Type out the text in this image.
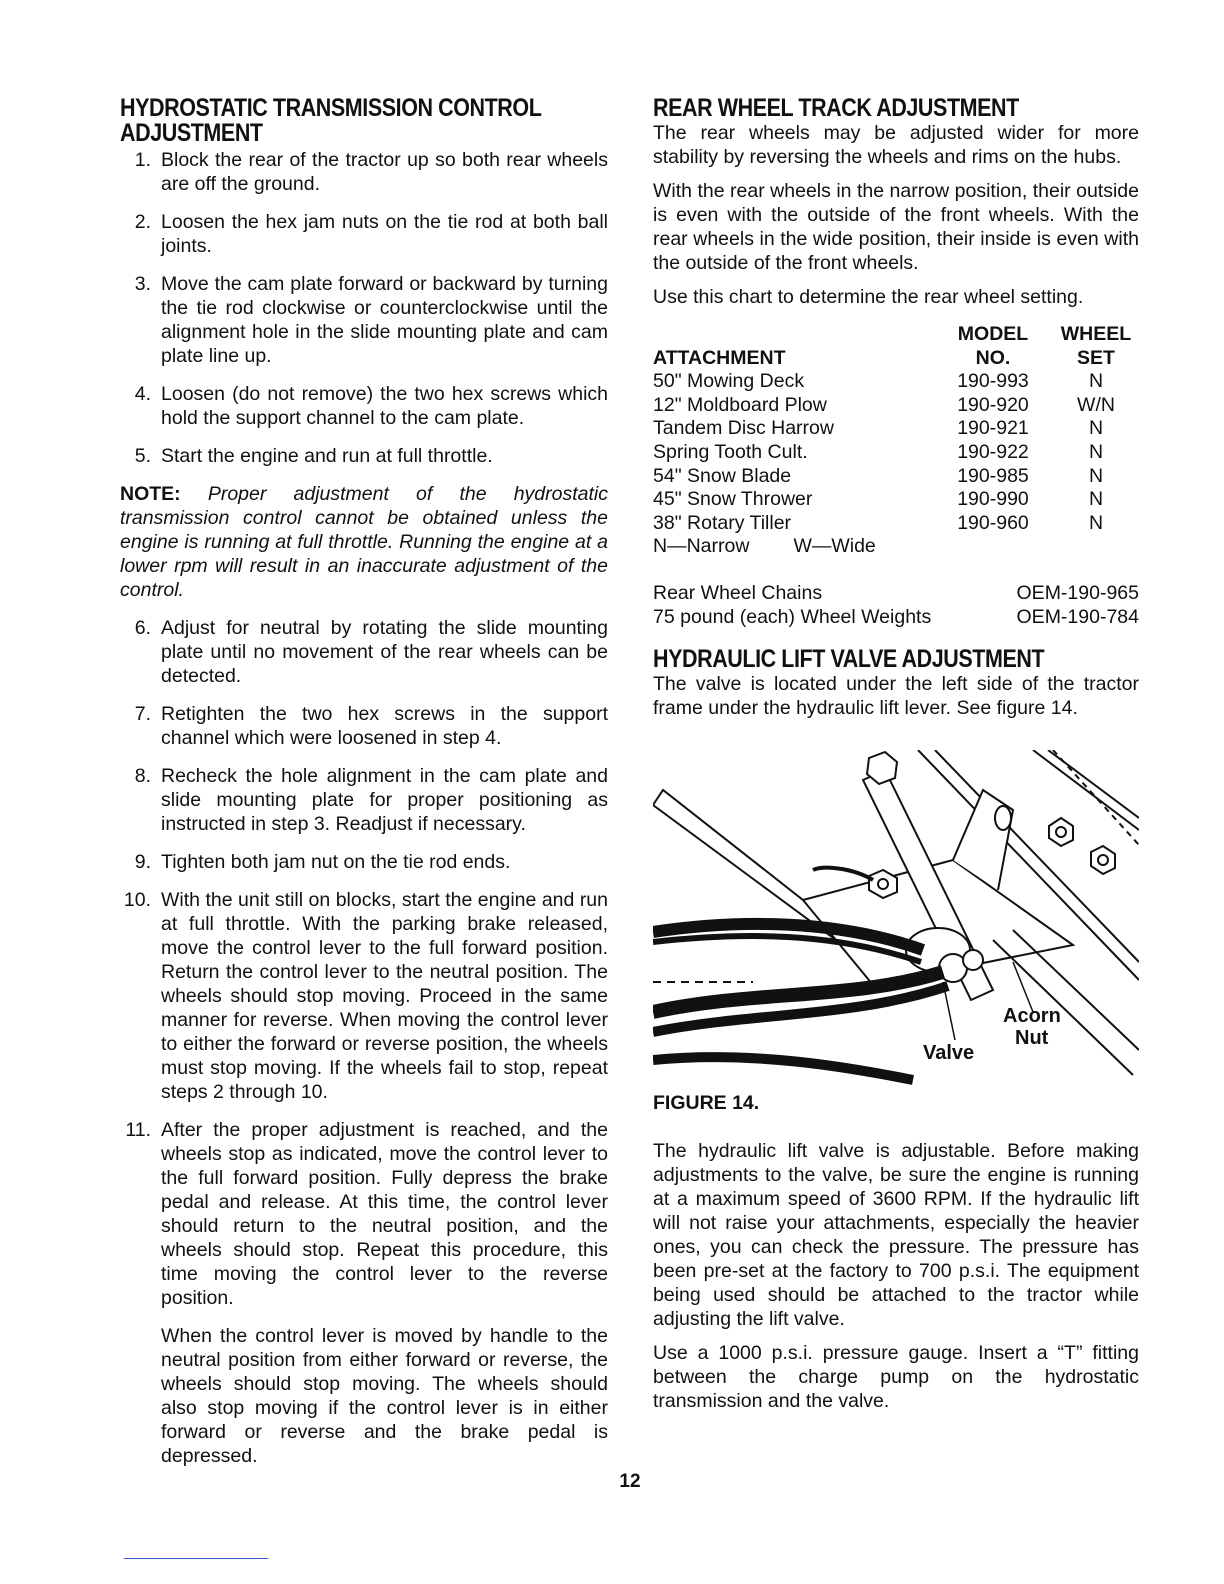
HYDROSTATIC TRANSMISSION CONTROL
ADJUSTMENT
1. Block the rear of the tractor up so both rear wheels are off the ground.
2. Loosen the hex jam nuts on the tie rod at both ball joints.
3. Move the cam plate forward or backward by turning the tie rod clockwise or counterclockwise until the alignment hole in the slide mounting plate and cam plate line up.
4. Loosen (do not remove) the two hex screws which hold the support channel to the cam plate.
5. Start the engine and run at full throttle.

NOTE: Proper adjustment of the hydrostatic transmission control cannot be obtained unless the engine is running at full throttle. Running the engine at a lower rpm will result in an inaccurate adjustment of the control.

6. Adjust for neutral by rotating the slide mounting plate until no movement of the rear wheels can be detected.
7. Retighten the two hex screws in the support channel which were loosened in step 4.
8. Recheck the hole alignment in the cam plate and slide mounting plate for proper positioning as instructed in step 3. Readjust if necessary.
9. Tighten both jam nut on the tie rod ends.
10. With the unit still on blocks, start the engine and run at full throttle. With the parking brake released, move the control lever to the full forward position. Return the control lever to the neutral position. The wheels should stop moving. Proceed in the same manner for reverse. When moving the control lever to either the forward or reverse position, the wheels must stop moving. If the wheels fail to stop, repeat steps 2 through 10.
11. After the proper adjustment is reached, and the wheels stop as indicated, move the control lever to the full forward position. Fully depress the brake pedal and release. At this time, the control lever should return to the neutral position, and the wheels should stop. Repeat this procedure, this time moving the control lever to the reverse position.
When the control lever is moved by handle to the neutral position from either forward or reverse, the wheels should stop moving. The wheels should also stop moving if the control lever is in either forward or reverse and the brake pedal is depressed.
REAR WHEEL TRACK ADJUSTMENT

The rear wheels may be adjusted wider for more stability by reversing the wheels and rims on the hubs.

With the rear wheels in the narrow position, their outside is even with the outside of the front wheels. With the rear wheels in the wide position, their inside is even with the outside of the front wheels.

Use this chart to determine the rear wheel setting.

	MODEL	WHEEL
ATTACHMENT	NO.	SET
50" Mowing Deck	190-993	N
12" Moldboard Plow	190-920	W/N
Tandem Disc Harrow	190-921	N
Spring Tooth Cult.	190-922	N
54" Snow Blade	190-985	N
45" Snow Thrower	190-990	N
38" Rotary Tiller	190-960	N
N—Narrow W—Wide		
Rear Wheel Chains	OEM-190-965
75 pound (each) Wheel Weights	OEM-190-784
HYDRAULIC LIFT VALVE ADJUSTMENT

The valve is located under the left side of the tractor frame under the hydraulic lift lever. See figure 14.

Acorn
Nut
Valve
FIGURE 14.

The hydraulic lift valve is adjustable. Before making adjustments to the valve, be sure the engine is running at a maximum speed of 3600 RPM. If the hydraulic lift will not raise your attachments, especially the heavier ones, you can check the pressure. The pressure has been pre-set at the factory to 700 p.s.i. The equipment being used should be attached to the tractor while adjusting the lift valve.

Use a 1000 p.s.i. pressure gauge. Insert a “T” fitting between the charge pump on the hydrostatic transmission and the valve.

12
